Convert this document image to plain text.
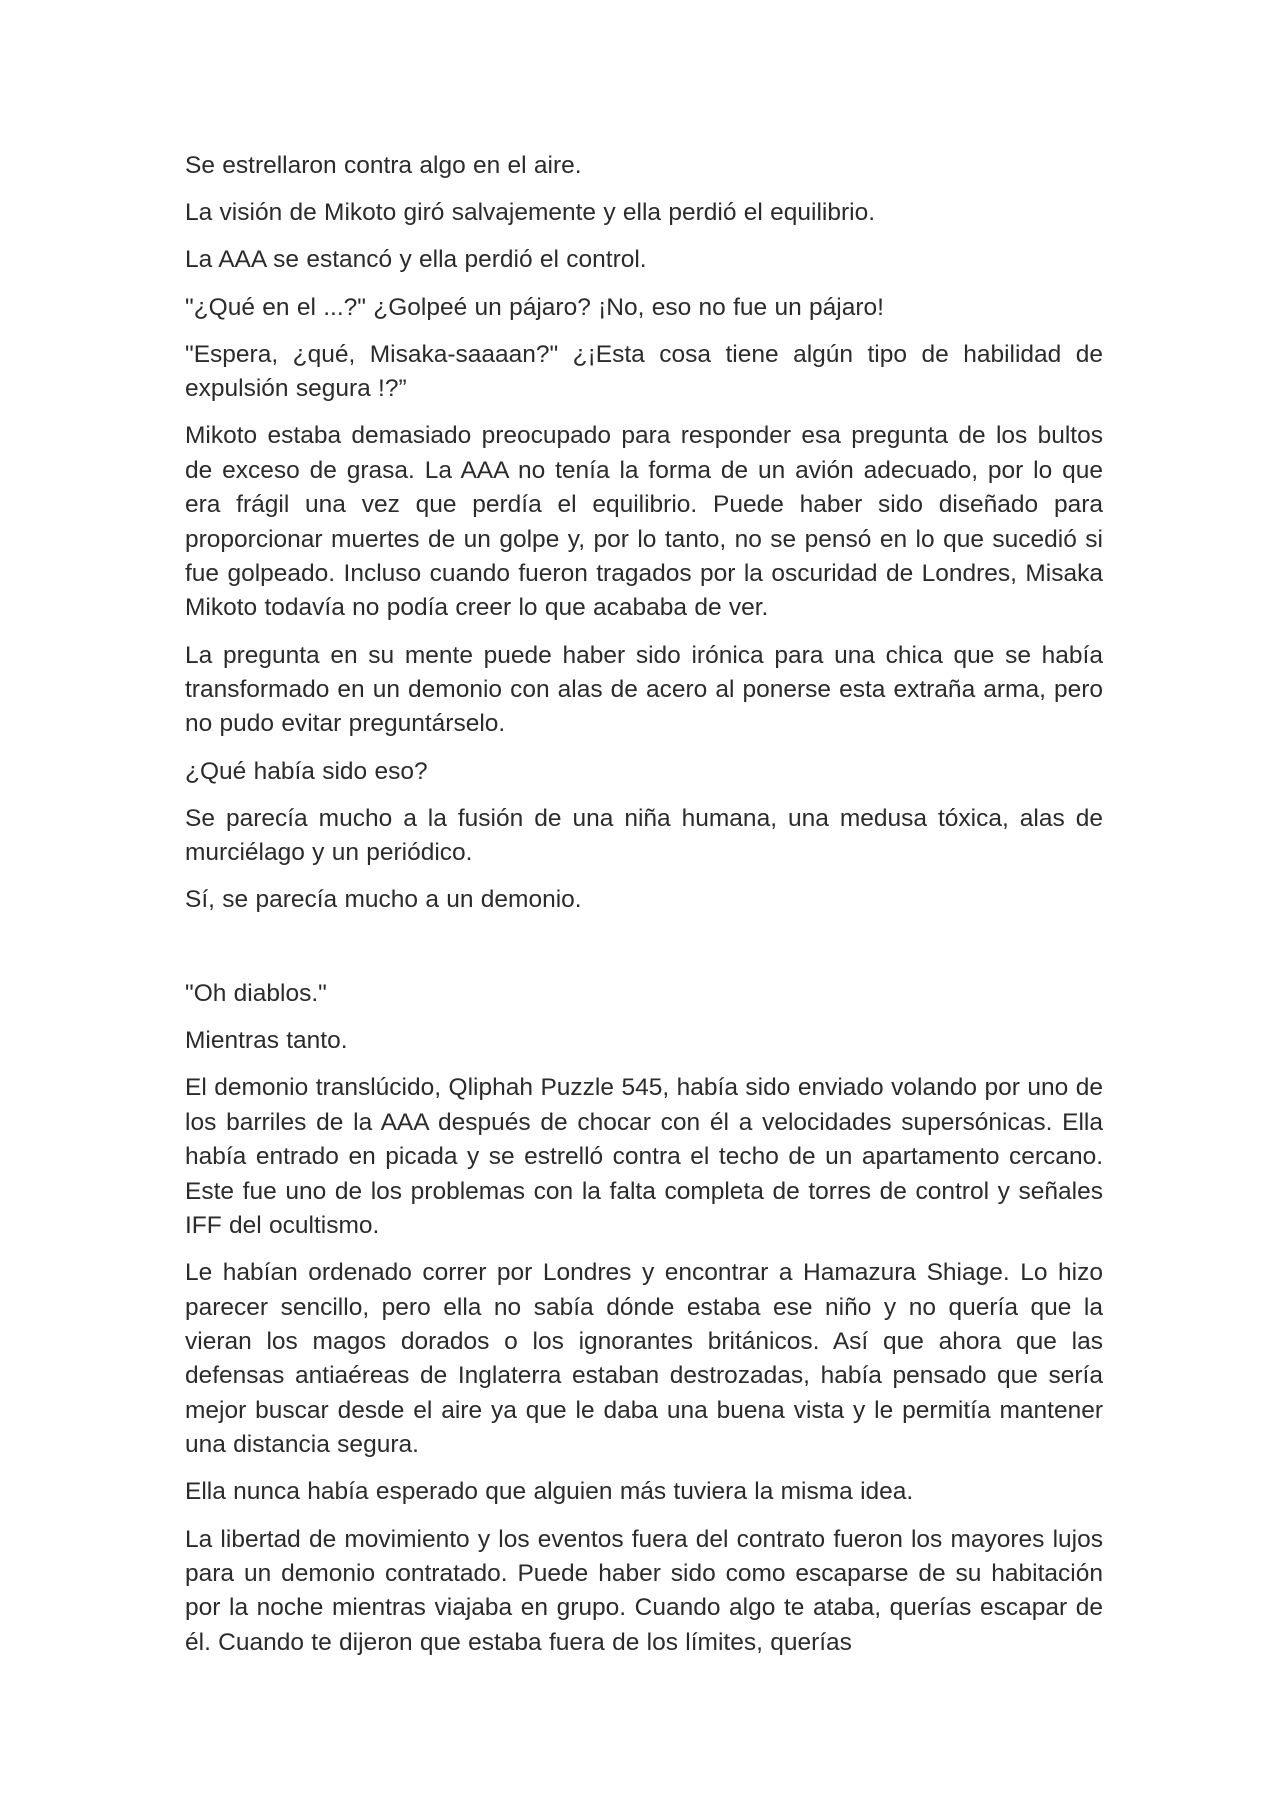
Se estrellaron contra algo en el aire.

La visión de Mikoto giró salvajemente y ella perdió el equilibrio.

La AAA se estancó y ella perdió el control.

"¿Qué en el ...?" ¿Golpeé un pájaro? ¡No, eso no fue un pájaro!

"Espera, ¿qué, Misaka-saaaan?" ¿¡Esta cosa tiene algún tipo de habilidad de expulsión segura !?”

Mikoto estaba demasiado preocupado para responder esa pregunta de los bultos de exceso de grasa. La AAA no tenía la forma de un avión adecuado, por lo que era frágil una vez que perdía el equilibrio. Puede haber sido diseñado para proporcionar muertes de un golpe y, por lo tanto, no se pensó en lo que sucedió si fue golpeado. Incluso cuando fueron tragados por la oscuridad de Londres, Misaka Mikoto todavía no podía creer lo que acababa de ver.

La pregunta en su mente puede haber sido irónica para una chica que se había transformado en un demonio con alas de acero al ponerse esta extraña arma, pero no pudo evitar preguntárselo.

¿Qué había sido eso?

Se parecía mucho a la fusión de una niña humana, una medusa tóxica, alas de murciélago y un periódico.

Sí, se parecía mucho a un demonio.

"Oh diablos."

Mientras tanto.

El demonio translúcido, Qliphah Puzzle 545, había sido enviado volando por uno de los barriles de la AAA después de chocar con él a velocidades supersónicas. Ella había entrado en picada y se estrelló contra el techo de un apartamento cercano. Este fue uno de los problemas con la falta completa de torres de control y señales IFF del ocultismo.

Le habían ordenado correr por Londres y encontrar a Hamazura Shiage. Lo hizo parecer sencillo, pero ella no sabía dónde estaba ese niño y no quería que la vieran los magos dorados o los ignorantes británicos. Así que ahora que las defensas antiaéreas de Inglaterra estaban destrozadas, había pensado que sería mejor buscar desde el aire ya que le daba una buena vista y le permitía mantener una distancia segura.

Ella nunca había esperado que alguien más tuviera la misma idea.

La libertad de movimiento y los eventos fuera del contrato fueron los mayores lujos para un demonio contratado. Puede haber sido como escaparse de su habitación por la noche mientras viajaba en grupo. Cuando algo te ataba, querías escapar de él. Cuando te dijeron que estaba fuera de los límites, querías
